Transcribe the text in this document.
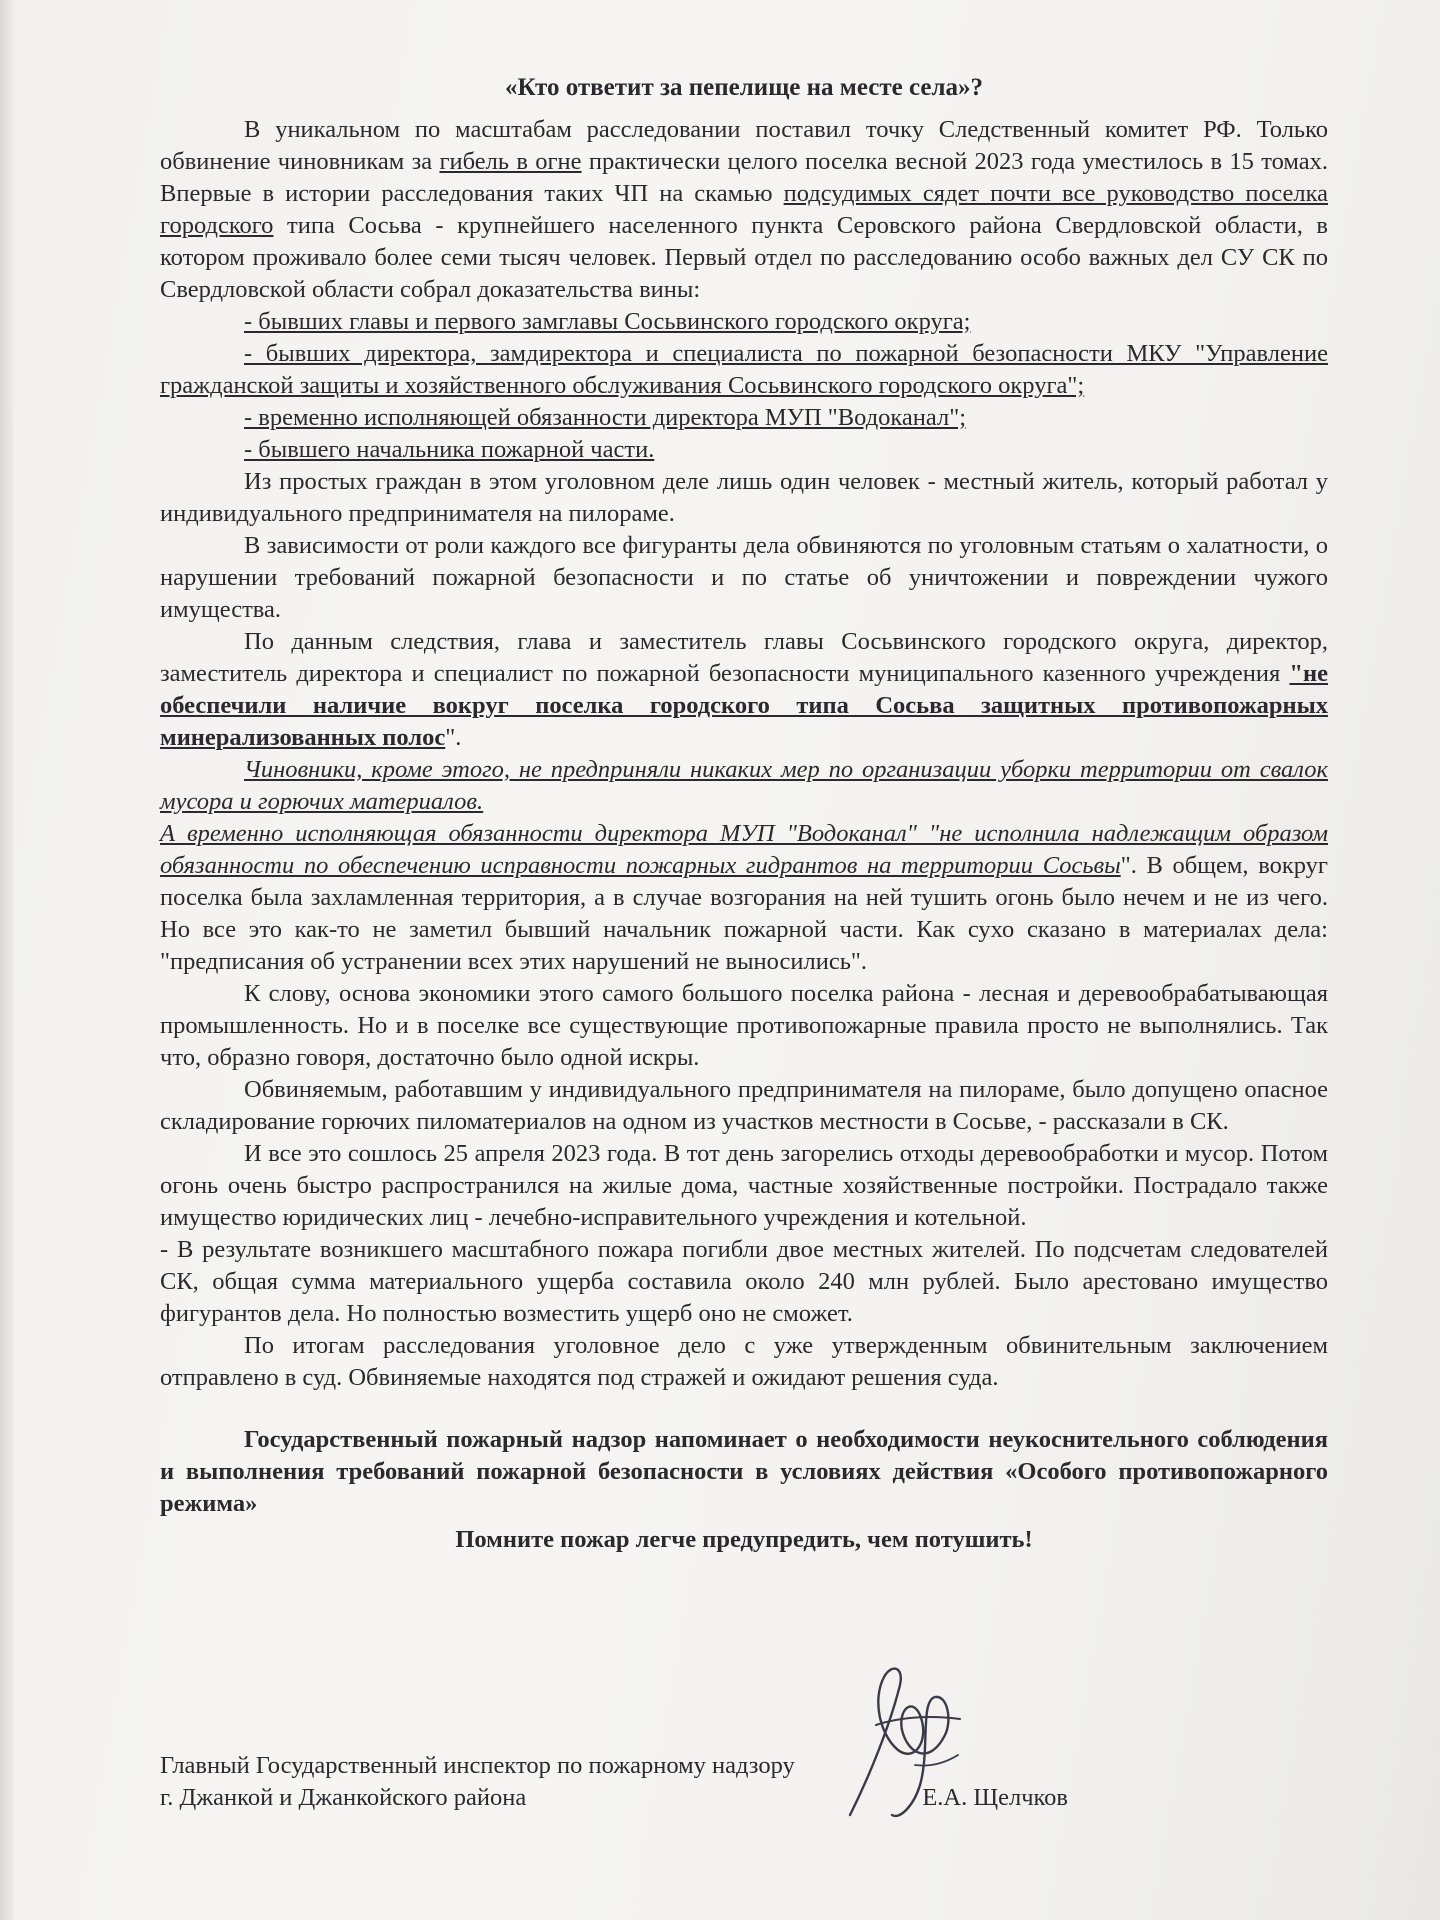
«Кто ответит за пепелище на месте села»?

В уникальном по масштабам расследовании поставил точку Следственный комитет РФ. Только обвинение чиновникам за гибель в огне практически целого поселка весной 2023 года уместилось в 15 томах. Впервые в истории расследования таких ЧП на скамью подсудимых сядет почти все руководство поселка городского типа Сосьва - крупнейшего населенного пункта Серовского района Свердловской области, в котором проживало более семи тысяч человек. Первый отдел по расследованию особо важных дел СУ СК по Свердловской области собрал доказательства вины:

- бывших главы и первого замглавы Сосьвинского городского округа;

- бывших директора, замдиректора и специалиста по пожарной безопасности МКУ "Управление гражданской защиты и хозяйственного обслуживания Сосьвинского городского округа";

- временно исполняющей обязанности директора МУП "Водоканал";

- бывшего начальника пожарной части.

Из простых граждан в этом уголовном деле лишь один человек - местный житель, который работал у индивидуального предпринимателя на пилораме.

В зависимости от роли каждого все фигуранты дела обвиняются по уголовным статьям о халатности, о нарушении требований пожарной безопасности и по статье об уничтожении и повреждении чужого имущества.

По данным следствия, глава и заместитель главы Сосьвинского городского округа, директор, заместитель директора и специалист по пожарной безопасности муниципального казенного учреждения "не обеспечили наличие вокруг поселка городского типа Сосьва защитных противопожарных минерализованных полос".

Чиновники, кроме этого, не предприняли никаких мер по организации уборки территории от свалок мусора и горючих материалов.

А временно исполняющая обязанности директора МУП "Водоканал" "не исполнила надлежащим образом обязанности по обеспечению исправности пожарных гидрантов на территории Сосьвы". В общем, вокруг поселка была захламленная территория, а в случае возгорания на ней тушить огонь было нечем и не из чего. Но все это как-то не заметил бывший начальник пожарной части. Как сухо сказано в материалах дела: "предписания об устранении всех этих нарушений не выносились".

К слову, основа экономики этого самого большого поселка района - лесная и деревообрабатывающая промышленность. Но и в поселке все существующие противопожарные правила просто не выполнялись. Так что, образно говоря, достаточно было одной искры.

Обвиняемым, работавшим у индивидуального предпринимателя на пилораме, было допущено опасное складирование горючих пиломатериалов на одном из участков местности в Сосьве, - рассказали в СК.

И все это сошлось 25 апреля 2023 года. В тот день загорелись отходы деревообработки и мусор. Потом огонь очень быстро распространился на жилые дома, частные хозяйственные постройки. Пострадало также имущество юридических лиц - лечебно-исправительного учреждения и котельной.

- В результате возникшего масштабного пожара погибли двое местных жителей. По подсчетам следователей СК, общая сумма материального ущерба составила около 240 млн рублей. Было арестовано имущество фигурантов дела. Но полностью возместить ущерб оно не сможет.

По итогам расследования уголовное дело с уже утвержденным обвинительным заключением отправлено в суд. Обвиняемые находятся под стражей и ожидают решения суда.

Государственный пожарный надзор напоминает о необходимости неукоснительного соблюдения и выполнения требований пожарной безопасности в условиях действия «Особого противопожарного режима»

Помните пожар легче предупредить, чем потушить!

Главный Государственный инспектор по пожарному надзору
г. Джанкой и Джанкойского района	Е.А. Щелчков
